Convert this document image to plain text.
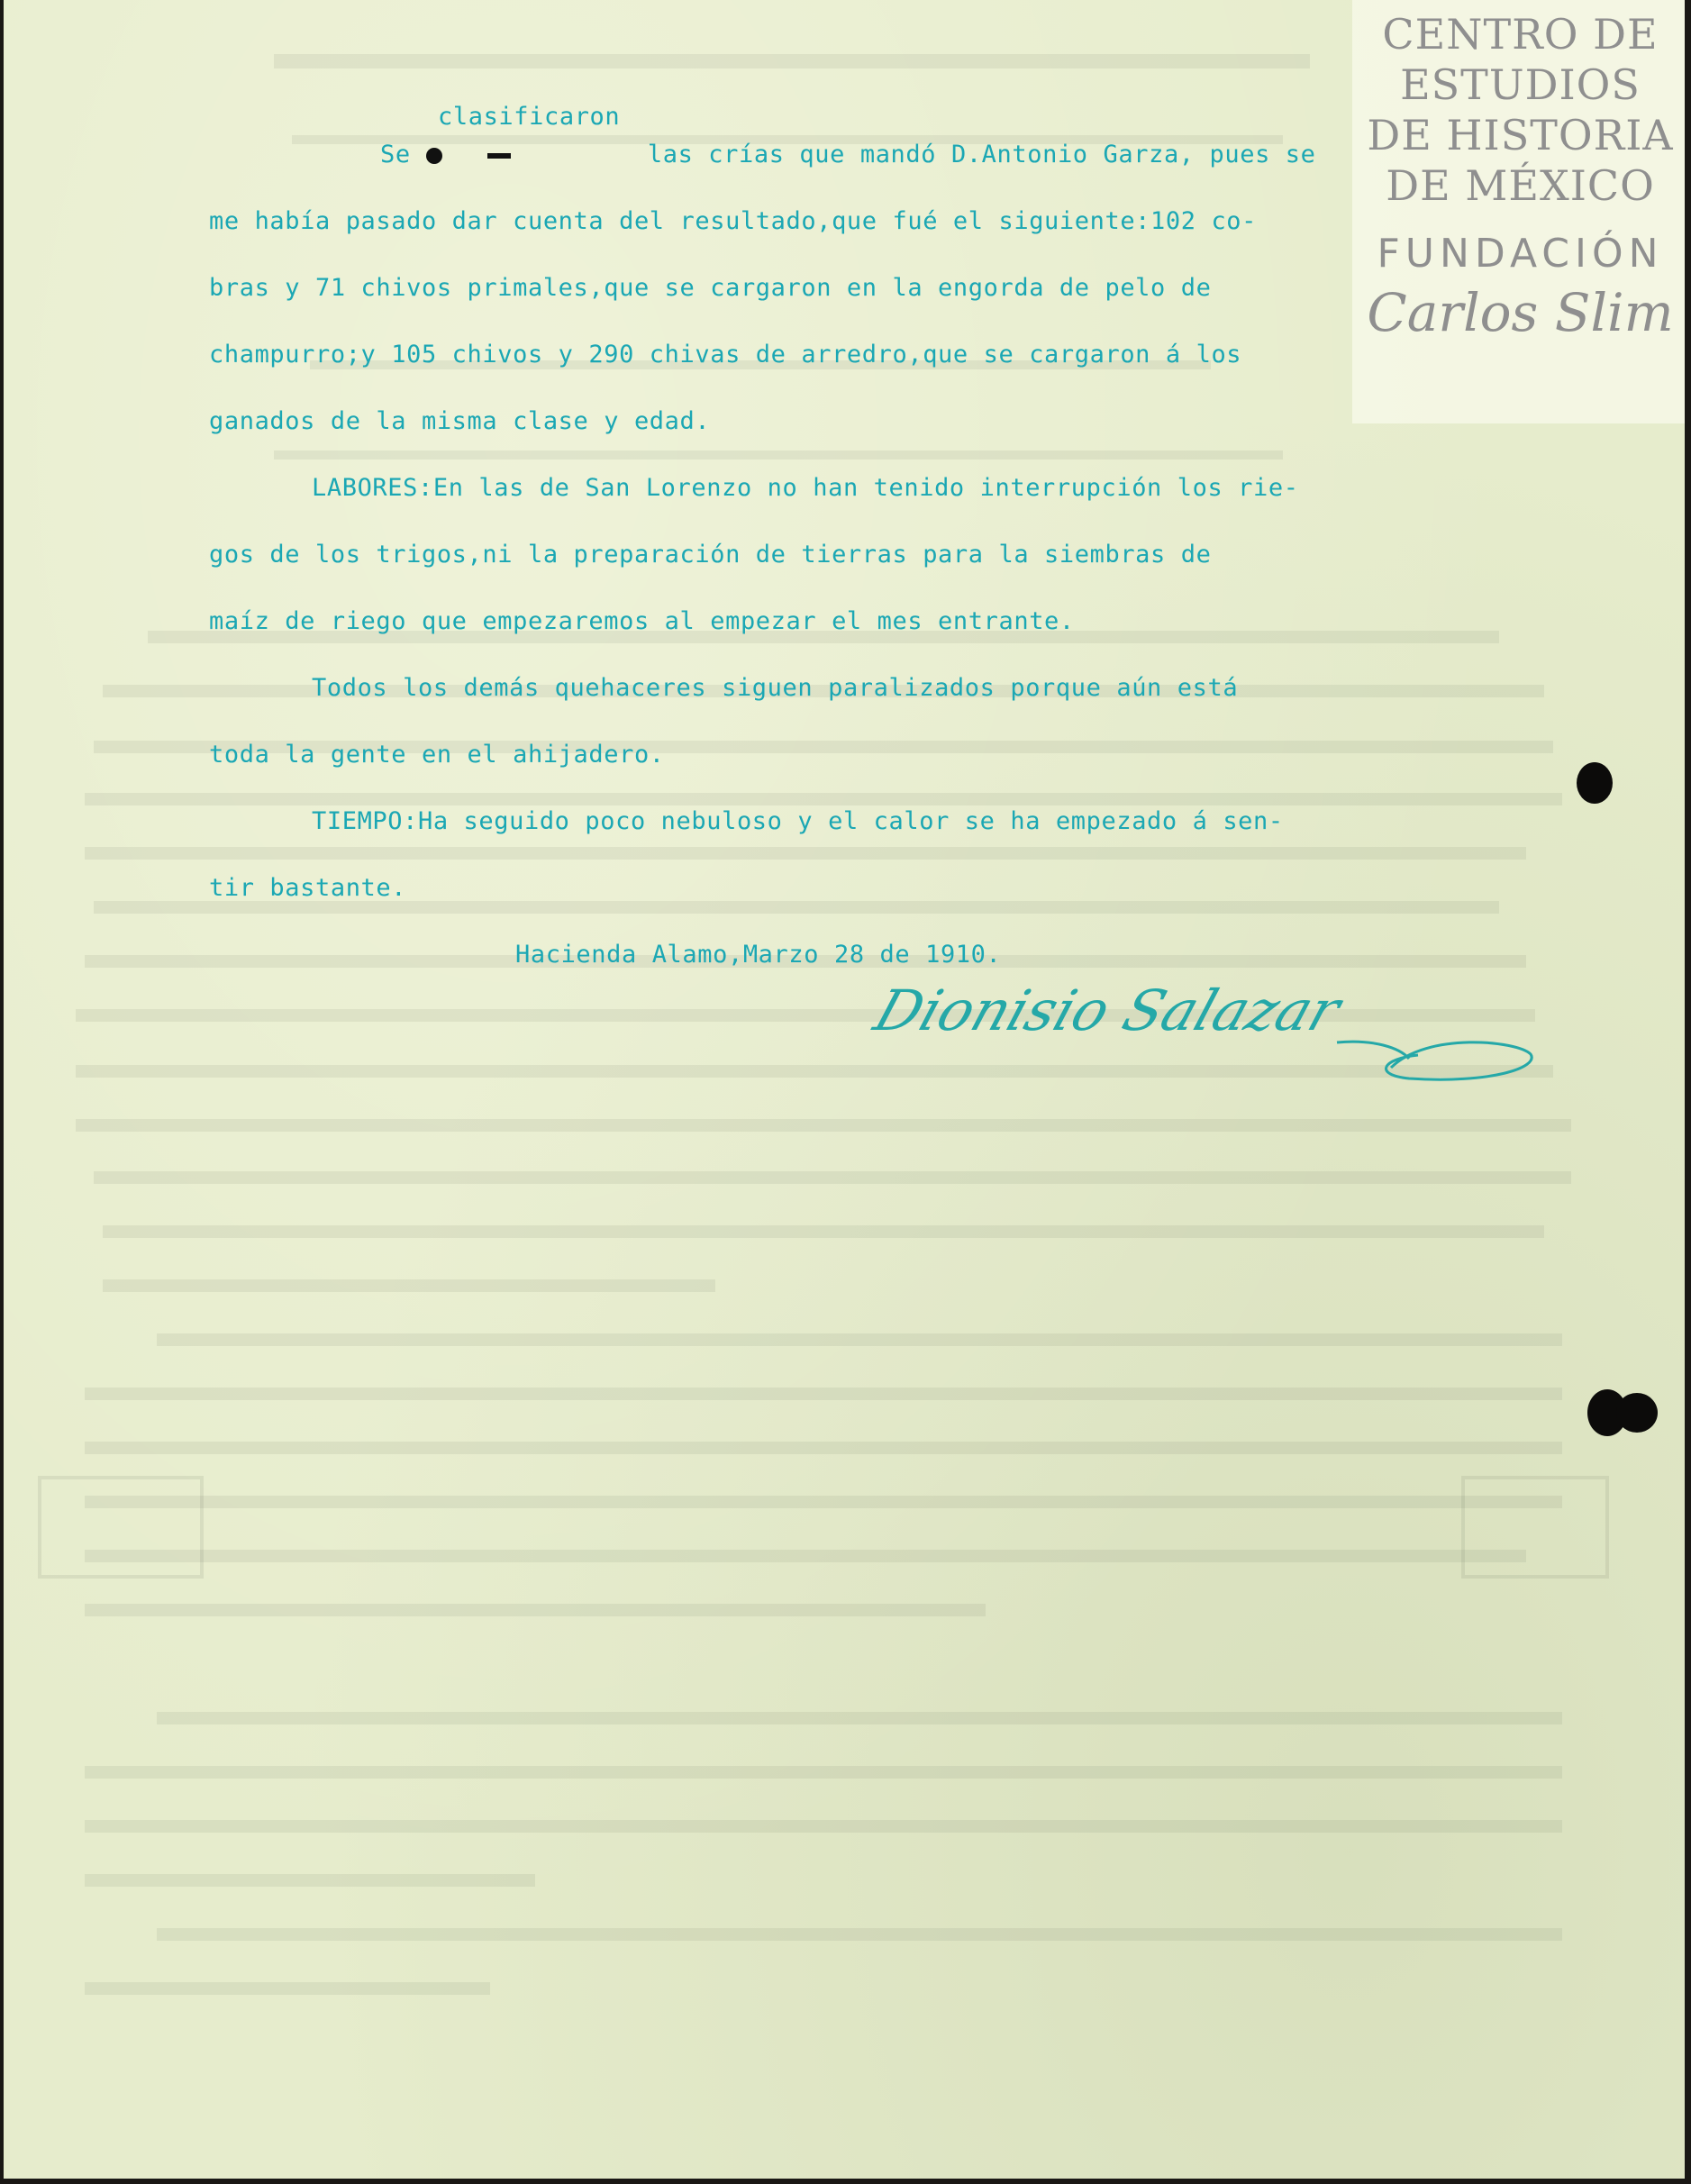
clasificaron
Se	las crías que mandó D.Antonio Garza, pues se
me había pasado dar cuenta del resultado,que fué el siguiente:102 co-
bras y 71 chivos primales,que se cargaron en la engorda de pelo de
champurro;y 105 chivos y 290 chivas de arredro,que se cargaron á los
ganados de la misma clase y edad.
LABORES:En las de San Lorenzo no han tenido interrupción los rie-
gos de los trigos,ni la preparación de tierras para la siembras de
maíz de riego que empezaremos al empezar el mes entrante.
Todos los demás quehaceres siguen paralizados porque aún está
toda la gente en el ahijadero.
TIEMPO:Ha seguido poco nebuloso y el calor se ha empezado á sen-
tir bastante.
Hacienda Alamo,Marzo 28 de 1910.
Dionisio Salazar
CENTRO DE
ESTUDIOS
DE HISTORIA
DE MÉXICO
FUNDACIÓN
Carlos Slim
